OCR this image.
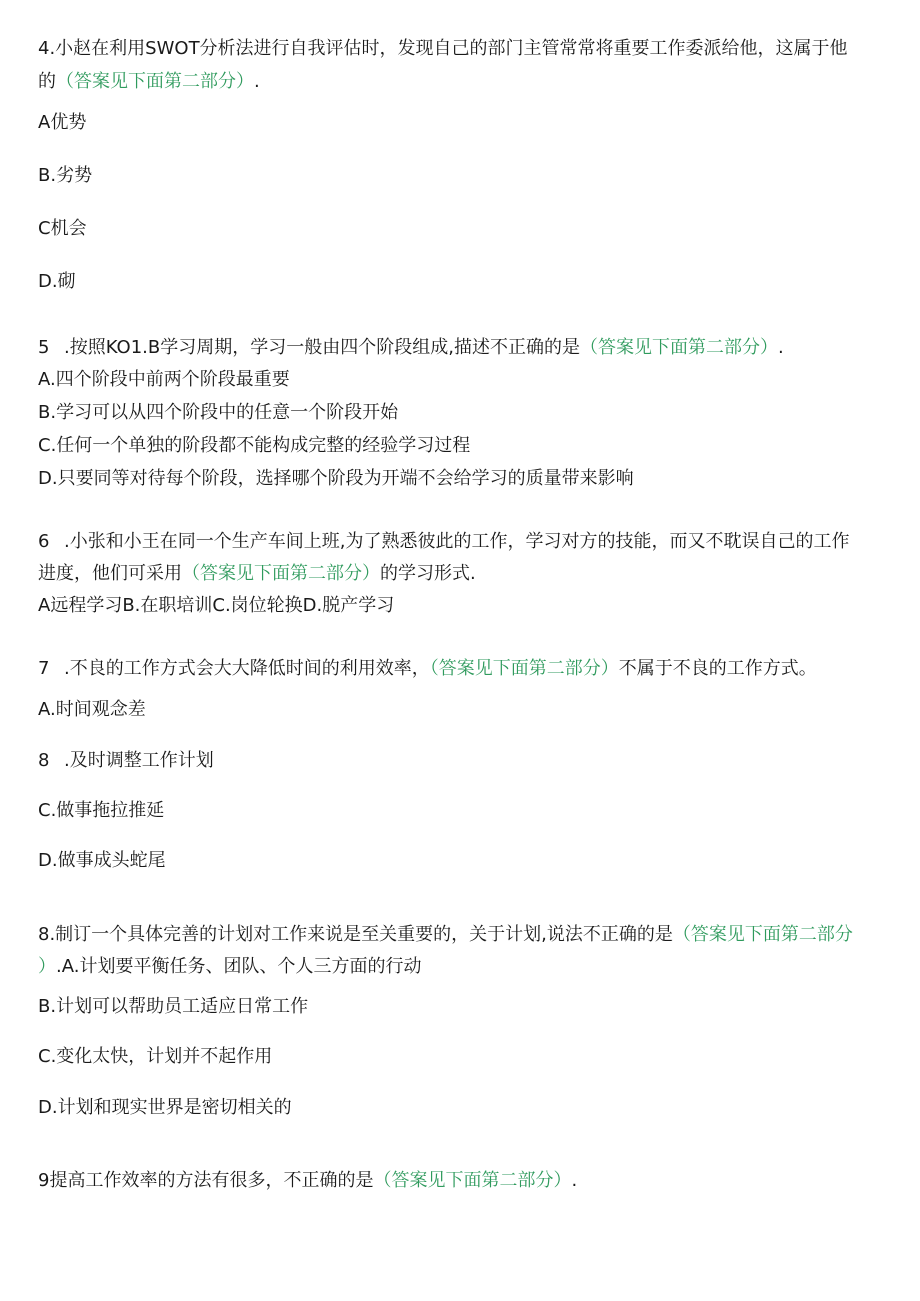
4.小赵在利用SWOT分析法进行自我评估时，发现自己的部门主管常常将重要工作委派给他，这属于他
的（答案见下面第二部分）.
A优势
B.劣势
C机会
D.砌
5 .按照KO1.B学习周期，学习一般由四个阶段组成,描述不正确的是（答案见下面第二部分）.
A.四个阶段中前两个阶段最重要
B.学习可以从四个阶段中的任意一个阶段开始
C.任何一个单独的阶段都不能构成完整的经验学习过程
D.只要同等对待每个阶段，选择哪个阶段为开端不会给学习的质量带来影响
6 .小张和小王在同一个生产车间上班,为了熟悉彼此的工作，学习对方的技能，而又不耽误自己的工作
进度，他们可采用（答案见下面第二部分）的学习形式.
A远程学习B.在职培训C.岗位轮换D.脱产学习
7 .不良的工作方式会大大降低时间的利用效率，（答案见下面第二部分）不属于不良的工作方式。
A.时间观念差
8 .及时调整工作计划
C.做事拖拉推延
D.做事成头蛇尾
8.制订一个具体完善的计划对工作来说是至关重要的，关于计划,说法不正确的是（答案见下面第二部分
）.A.计划要平衡任务、团队、个人三方面的行动
B.计划可以帮助员工适应日常工作
C.变化太快，计划并不起作用
D.计划和现实世界是密切相关的
9提高工作效率的方法有很多，不正确的是（答案见下面第二部分）.
